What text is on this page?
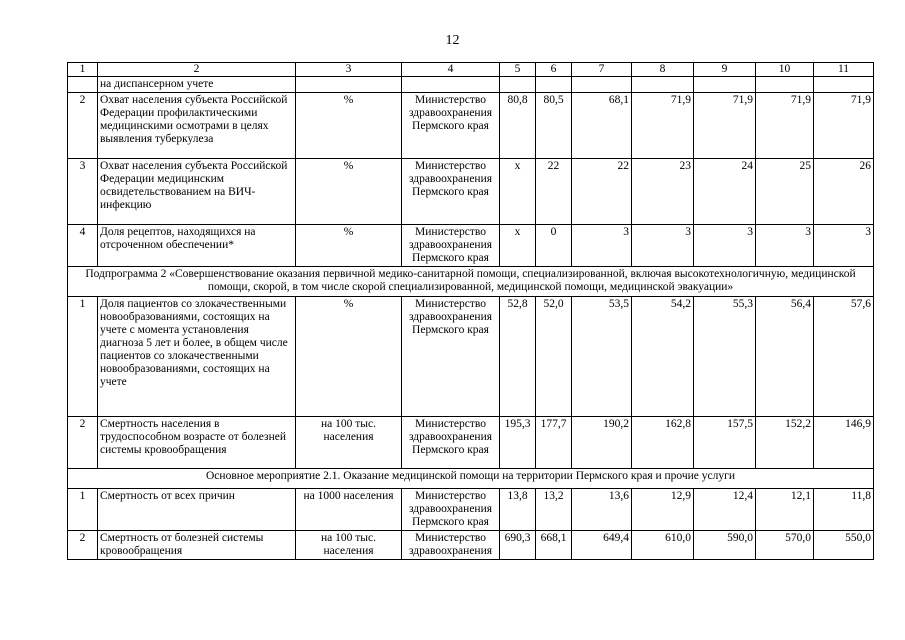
12
1	2	3	4	5	6	7	8	9	10	11
	на диспансерном учете									
2	Охват населения субъекта Российской Федерации профилактическими медицинскими осмотрами в целях выявления туберкулеза	%	Министерство здравоохранения Пермского края	80,8	80,5	68,1	71,9	71,9	71,9	71,9
3	Охват населения субъекта Российской Федерации медицинским освидетельствованием на ВИЧ-инфекцию	%	Министерство здравоохранения Пермского края	х	22	22	23	24	25	26
4	Доля рецептов, находящихся на отсроченном обеспечении*	%	Министерство здравоохранения Пермского края	х	0	3	3	3	3	3
Подпрограмма 2 «Совершенствование оказания первичной медико-санитарной помощи, специализированной, включая высокотехнологичную, медицинской помощи, скорой, в том числе скорой специализированной, медицинской помощи, медицинской эвакуации»										
1	Доля пациентов со злокачественными новообразованиями, состоящих на учете с момента установления диагноза 5 лет и более, в общем числе пациентов со злокачественными новообразованиями, состоящих на учете	%	Министерство здравоохранения Пермского края	52,8	52,0	53,5	54,2	55,3	56,4	57,6
2	Смертность населения в трудоспособном возрасте от болезней системы кровообращения	на 100 тыс. населения	Министерство здравоохранения Пермского края	195,3	177,7	190,2	162,8	157,5	152,2	146,9
Основное мероприятие 2.1. Оказание медицинской помощи на территории Пермского края и прочие услуги										
1	Смертность от всех причин	на 1000 населения	Министерство здравоохранения Пермского края	13,8	13,2	13,6	12,9	12,4	12,1	11,8
2	Смертность от болезней системы кровообращения	на 100 тыс. населения	Министерство здравоохранения	690,3	668,1	649,4	610,0	590,0	570,0	550,0
